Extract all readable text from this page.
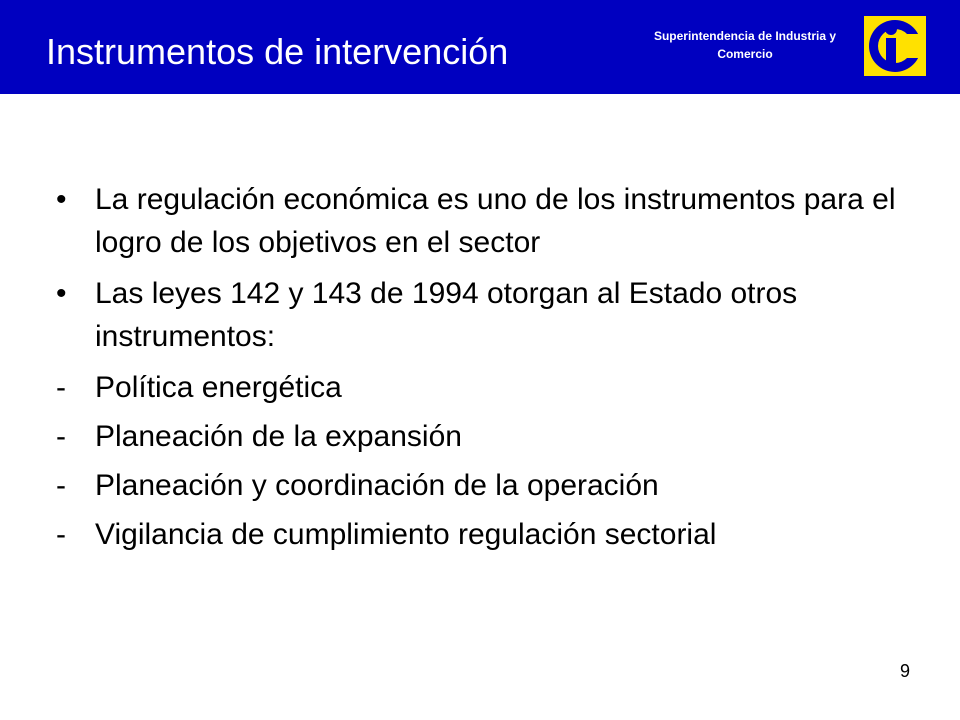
Instrumentos de intervención	Superintendencia de Industria y Comercio
• La regulación económica es uno de los instrumentos para el logro de los objetivos en el sector
• Las leyes 142 y 143 de 1994 otorgan al Estado otros instrumentos:
- Política energética
- Planeación de la expansión
- Planeación y coordinación de la operación
- Vigilancia de cumplimiento regulación sectorial
9
